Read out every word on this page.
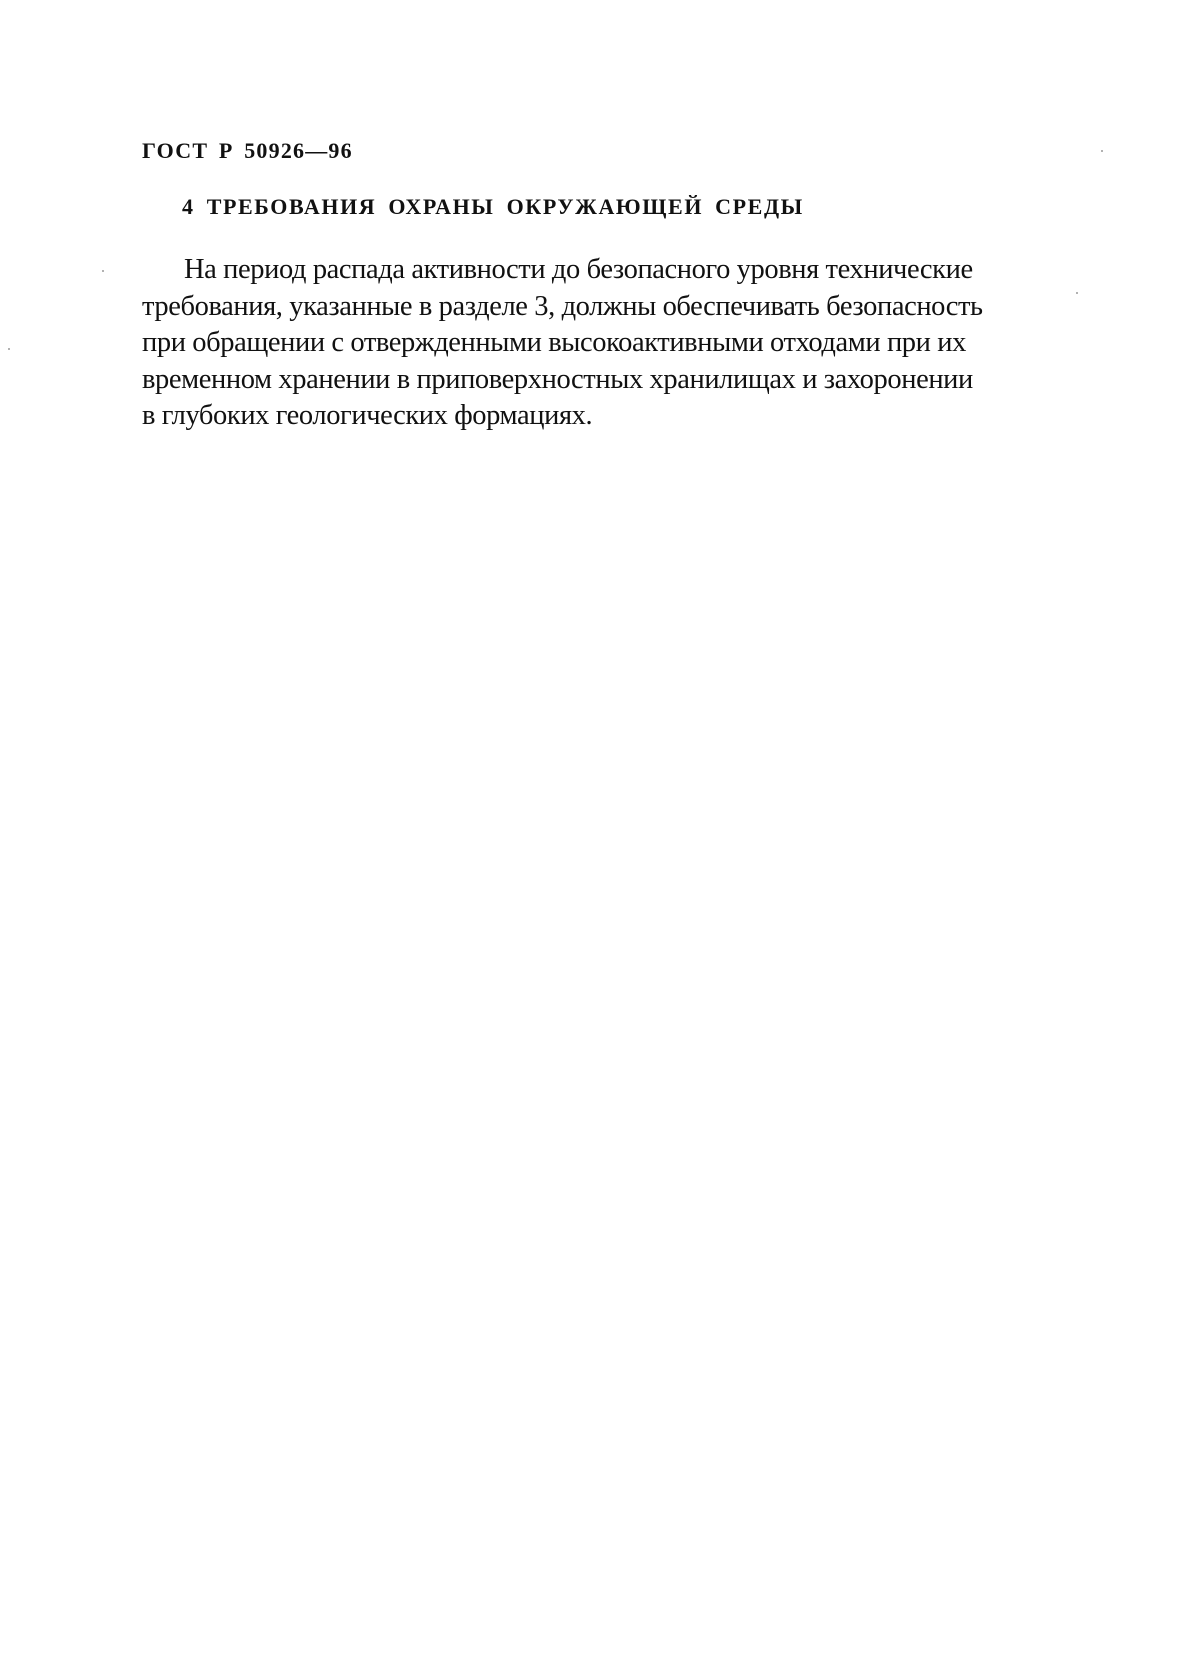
ГОСТ Р 50926—96
4 ТРЕБОВАНИЯ ОХРАНЫ ОКРУЖАЮЩЕЙ СРЕДЫ
На период распада активности до безопасного уровня технические
требования, указанные в разделе 3, должны обеспечивать безопасность
при обращении с отвержденными высокоактивными отходами при их
временном хранении в приповерхностных хранилищах и захоронении
в глубоких геологических формациях.
